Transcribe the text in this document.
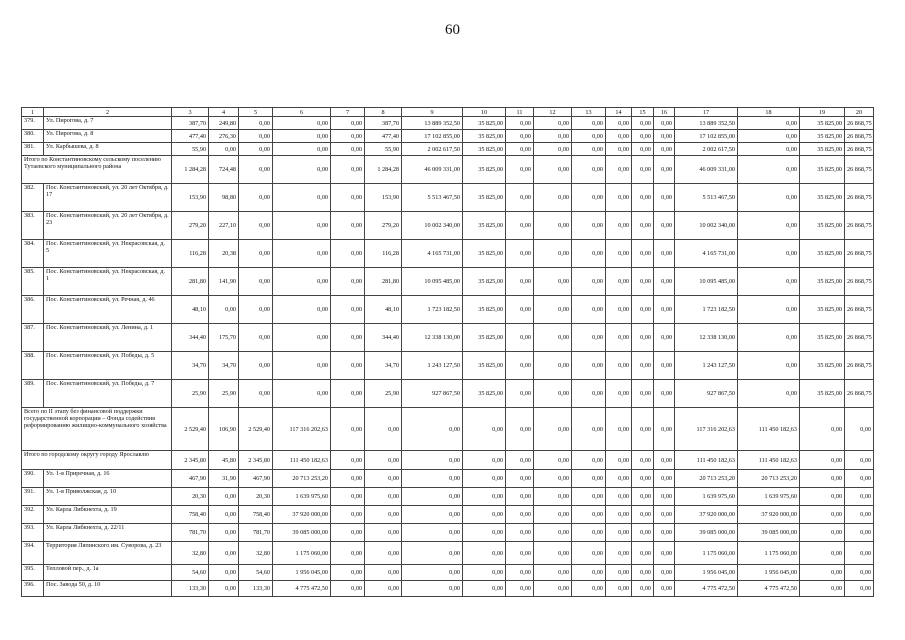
60
1	2	3	4	5	6	7	8	9	10	11	12	13	14	15	16	17	18	19	20
379.	Ул. Пирогова, д. 7	387,70	249,80	0,00	0,00	0,00	387,70	13 889 352,50	35 825,00	0,00	0,00	0,00	0,00	0,00	0,00	13 889 352,50	0,00	35 825,00	26 868,75
380.	Ул. Пирогова, д. 8	477,40	276,30	0,00	0,00	0,00	477,40	17 102 855,00	35 825,00	0,00	0,00	0,00	0,00	0,00	0,00	17 102 855,00	0,00	35 825,00	26 868,75
381.	Ул. Карбышева, д. 8	55,90	0,00	0,00	0,00	0,00	55,90	2 002 617,50	35 825,00	0,00	0,00	0,00	0,00	0,00	0,00	2 002 617,50	0,00	35 825,00	26 868,75
Итого по Константиновскому сельскому поселению Тутаевского муниципального района		1 284,28	724,48	0,00	0,00	0,00	1 284,28	46 009 331,00	35 825,00	0,00	0,00	0,00	0,00	0,00	0,00	46 009 331,00	0,00	35 825,00	26 868,75
382.	Пос. Константиновский, ул. 20 лет Октября, д. 17	153,90	98,80	0,00	0,00	0,00	153,90	5 513 467,50	35 825,00	0,00	0,00	0,00	0,00	0,00	0,00	5 513 467,50	0,00	35 825,00	26 868,75
383.	Пос. Константиновский, ул. 20 лет Октября, д. 23	279,20	227,10	0,00	0,00	0,00	279,20	10 002 340,00	35 825,00	0,00	0,00	0,00	0,00	0,00	0,00	10 002 340,00	0,00	35 825,00	26 868,75
384.	Пос. Константиновский, ул. Некрасовская, д. 5	116,28	20,38	0,00	0,00	0,00	116,28	4 165 731,00	35 825,00	0,00	0,00	0,00	0,00	0,00	0,00	4 165 731,00	0,00	35 825,00	26 868,75
385.	Пос. Константиновский, ул. Некрасовская, д. 1	281,80	141,90	0,00	0,00	0,00	281,80	10 095 485,00	35 825,00	0,00	0,00	0,00	0,00	0,00	0,00	10 095 485,00	0,00	35 825,00	26 868,75
386.	Пос. Константиновский, ул. Речная, д. 46	48,10	0,00	0,00	0,00	0,00	48,10	1 723 182,50	35 825,00	0,00	0,00	0,00	0,00	0,00	0,00	1 723 182,50	0,00	35 825,00	26 868,75
387.	Пос. Константиновский, ул. Ленина, д. 1	344,40	175,70	0,00	0,00	0,00	344,40	12 338 130,00	35 825,00	0,00	0,00	0,00	0,00	0,00	0,00	12 338 130,00	0,00	35 825,00	26 868,75
388.	Пос. Константиновский, ул. Победы, д. 5	34,70	34,70	0,00	0,00	0,00	34,70	1 243 127,50	35 825,00	0,00	0,00	0,00	0,00	0,00	0,00	1 243 127,50	0,00	35 825,00	26 868,75
389.	Пос. Константиновский, ул. Победы, д. 7	25,90	25,90	0,00	0,00	0,00	25,90	927 867,50	35 825,00	0,00	0,00	0,00	0,00	0,00	0,00	927 867,50	0,00	35 825,00	26 868,75
Всего по II этапу без финансовой поддержки государственной корпорации – Фонда содействия реформированию жилищно-коммунального хозяйства		2 529,40	106,90	2 529,40	117 316 202,63	0,00	0,00	0,00	0,00	0,00	0,00	0,00	0,00	0,00	0,00	117 316 202,63	111 450 182,63	0,00	0,00
Итого по городскому округу городу Ярославлю		2 345,80	45,80	2 345,80	111 450 182,63	0,00	0,00	0,00	0,00	0,00	0,00	0,00	0,00	0,00	0,00	111 450 182,63	111 450 182,63	0,00	0,00
390.	Ул. 1-я Приречная, д. 16	467,90	31,90	467,90	20 713 253,20	0,00	0,00	0,00	0,00	0,00	0,00	0,00	0,00	0,00	0,00	20 713 253,20	20 713 253,20	0,00	0,00
391.	Ул. 1-я Приволжская, д. 10	20,30	0,00	20,30	1 639 975,60	0,00	0,00	0,00	0,00	0,00	0,00	0,00	0,00	0,00	0,00	1 639 975,60	1 639 975,60	0,00	0,00
392.	Ул. Карла Либкнехта, д. 19	758,40	0,00	758,40	37 920 000,00	0,00	0,00	0,00	0,00	0,00	0,00	0,00	0,00	0,00	0,00	37 920 000,00	37 920 000,00	0,00	0,00
393.	Ул. Карла Либкнехта, д. 22/11	781,70	0,00	781,70	39 085 000,00	0,00	0,00	0,00	0,00	0,00	0,00	0,00	0,00	0,00	0,00	39 085 000,00	39 085 000,00	0,00	0,00
394.	Территория Ляпинского им. Суворова, д. 23	32,80	0,00	32,80	1 175 060,00	0,00	0,00	0,00	0,00	0,00	0,00	0,00	0,00	0,00	0,00	1 175 060,00	1 175 060,00	0,00	0,00
395.	Тепловой пер., д. 1а	54,60	0,00	54,60	1 956 045,00	0,00	0,00	0,00	0,00	0,00	0,00	0,00	0,00	0,00	0,00	1 956 045,00	1 956 045,00	0,00	0,00
396.	Пос. Завода 50, д. 10	133,30	0,00	133,30	4 775 472,50	0,00	0,00	0,00	0,00	0,00	0,00	0,00	0,00	0,00	0,00	4 775 472,50	4 775 472,50	0,00	0,00
